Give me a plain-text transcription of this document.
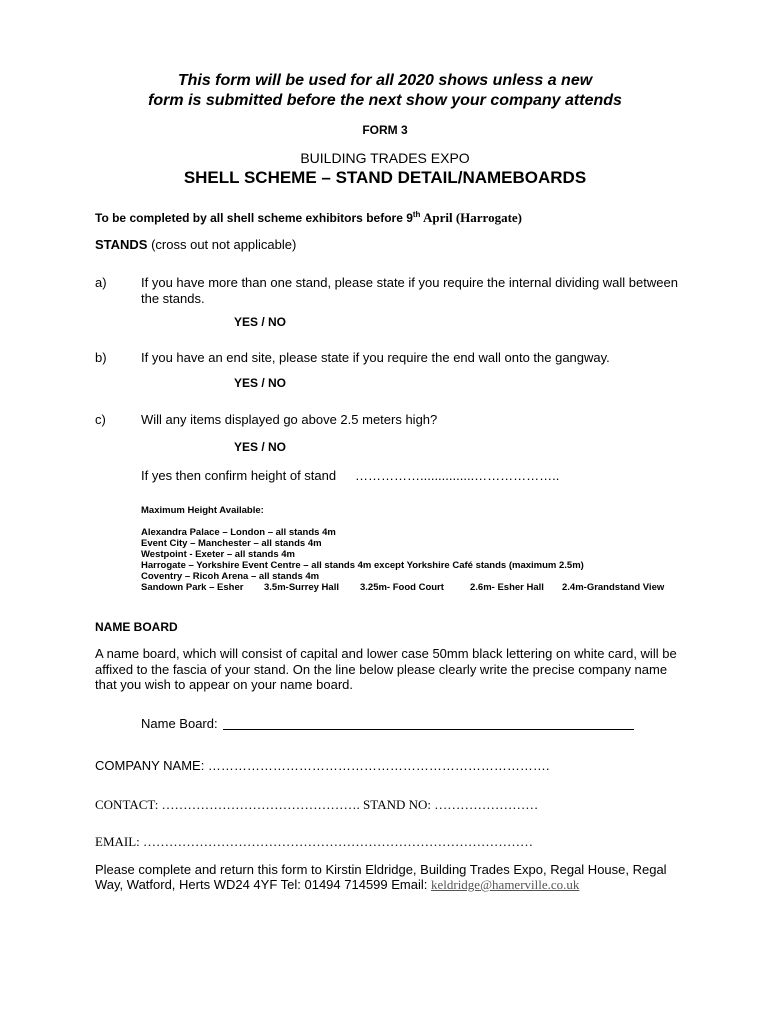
This form will be used for all 2020 shows unless a new
form is submitted before the next show your company attends
FORM 3
BUILDING TRADES EXPO
SHELL SCHEME – STAND DETAIL/NAMEBOARDS
To be completed by all shell scheme exhibitors before 9th April (Harrogate)
STANDS (cross out not applicable)
a)	If you have more than one stand, please state if you require the internal dividing wall between the stands.
YES / NO
b)	If you have an end site, please state if you require the end wall onto the gangway.
YES / NO
c)	Will any items displayed go above 2.5 meters high?
YES / NO
If yes then confirm height of stand ……………...............………………..
Maximum Height Available:
Alexandra Palace – London – all stands 4m
Event City – Manchester – all stands 4m
Westpoint - Exeter – all stands 4m
Harrogate – Yorkshire Event Centre – all stands 4m except Yorkshire Café stands (maximum 2.5m)
Coventry – Ricoh Arena – all stands 4m
Sandown Park – Esher 3.5m-Surrey Hall 3.25m- Food Court	2.6m- Esher Hall 2.4m-Grandstand View
NAME BOARD
A name board, which will consist of capital and lower case 50mm black lettering on white card, will be affixed to the fascia of your stand. On the line below please clearly write the precise company name that you wish to appear on your name board.
Name Board:
COMPANY NAME: …………………………………………………………………….
CONTACT: ………………………………………. STAND NO: ……………………
EMAIL: ………………………………………………………………………………
Please complete and return this form to Kirstin Eldridge, Building Trades Expo, Regal House, Regal
Way, Watford, Herts WD24 4YF Tel: 01494 714599 Email: keldridge@hamerville.co.uk
